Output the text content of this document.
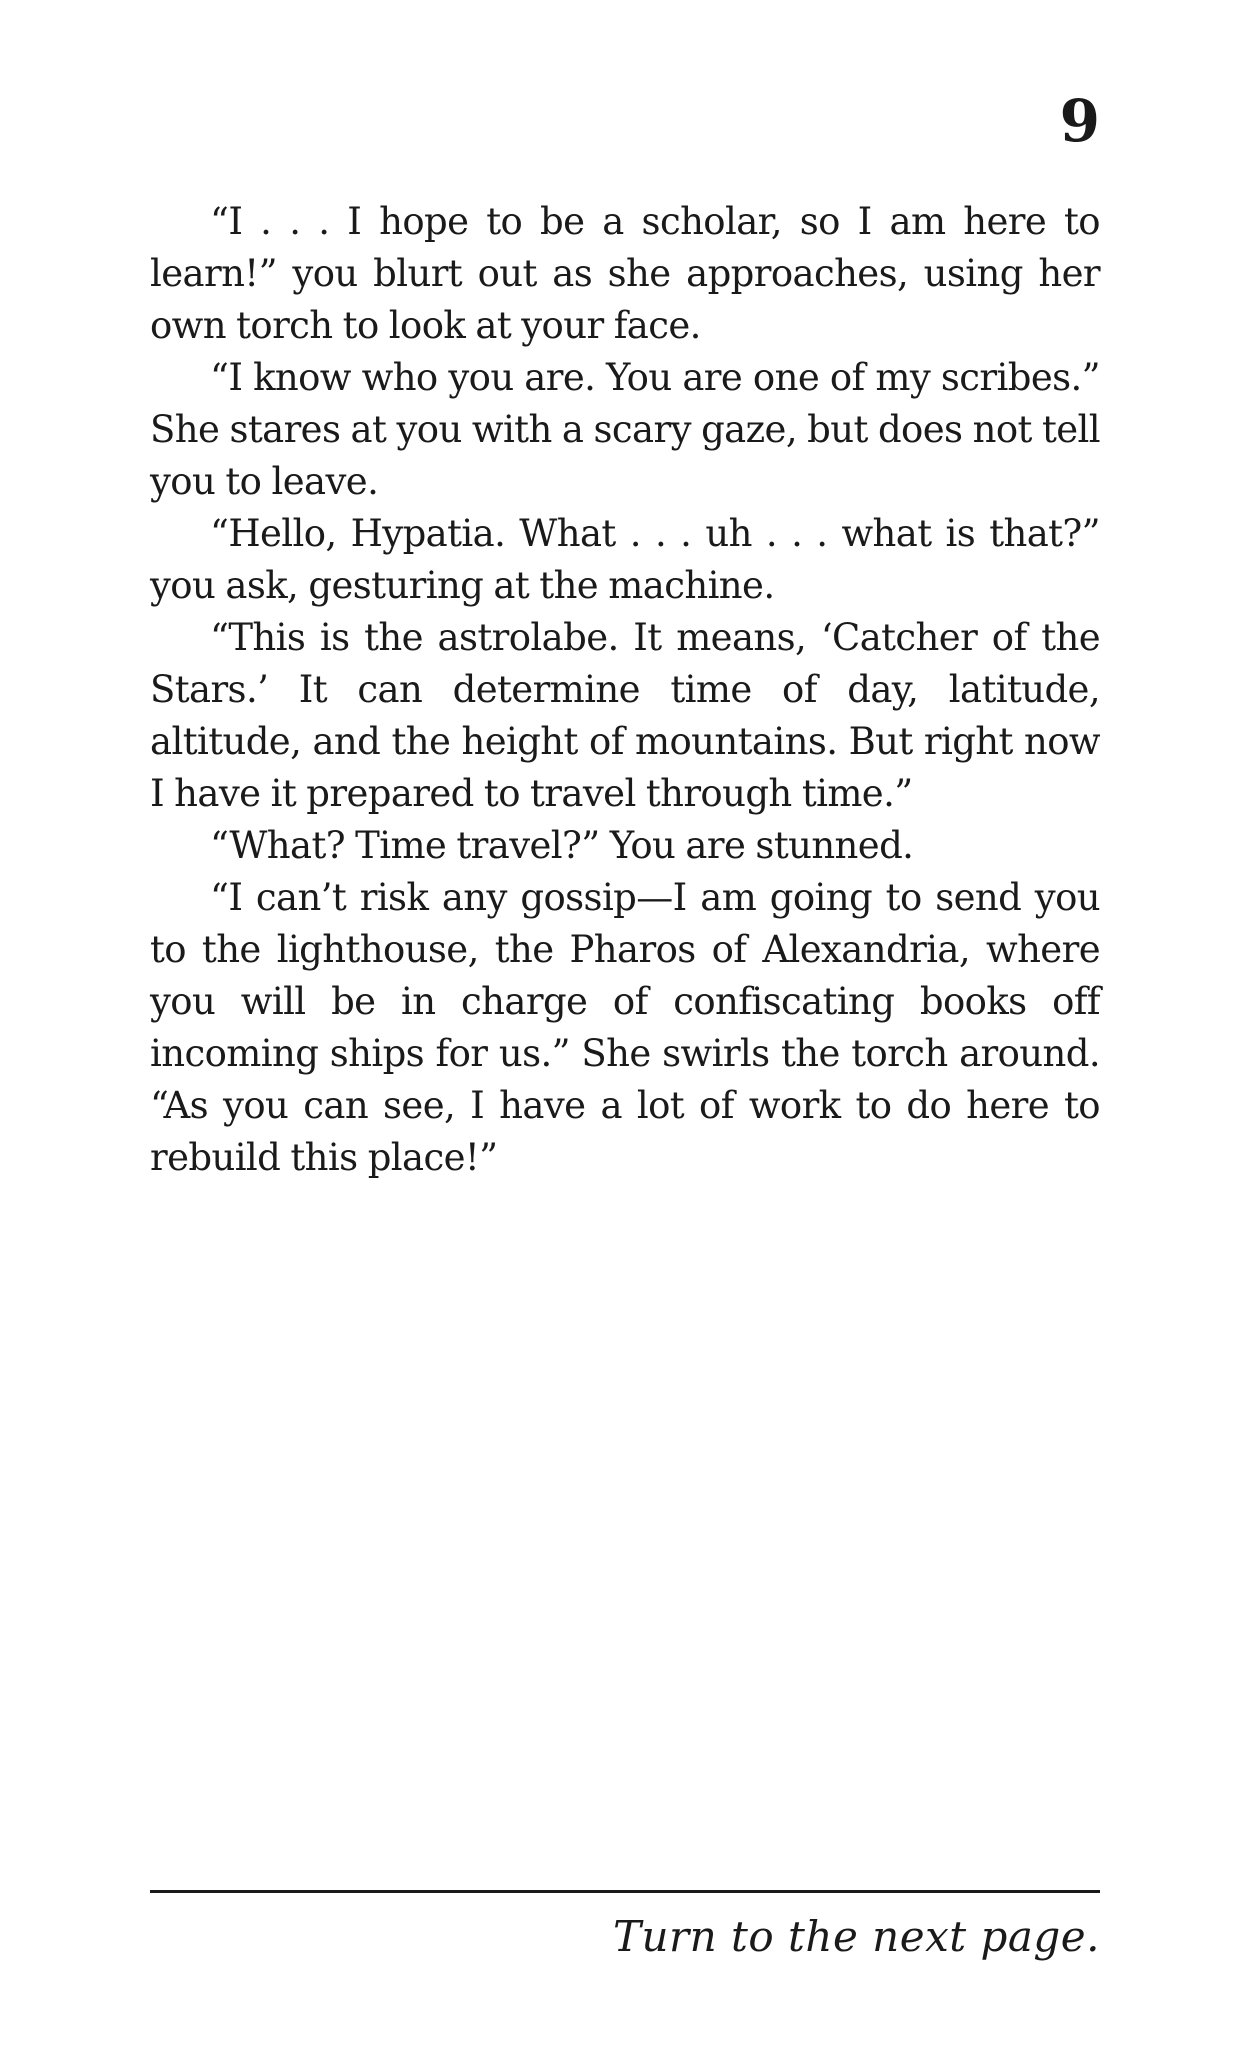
9

“I . . . I hope to be a scholar, so I am here to learn!” you blurt out as she approaches, using her own torch to look at your face.

“I know who you are. You are one of my scribes.” She stares at you with a scary gaze, but does not tell you to leave.

“Hello, Hypatia. What . . . uh . . . what is that?” you ask, gesturing at the machine.

“This is the astrolabe. It means, ‘Catcher of the Stars.’ It can determine time of day, latitude, altitude, and the height of mountains. But right now I have it prepared to travel through time.”

“What? Time travel?” You are stunned.

“I can’t risk any gossip—I am going to send you to the lighthouse, the Pharos of Alexandria, where you will be in charge of confiscating books off incoming ships for us.” She swirls the torch around. “As you can see, I have a lot of work to do here to rebuild this place!”

Turn to the next page.
